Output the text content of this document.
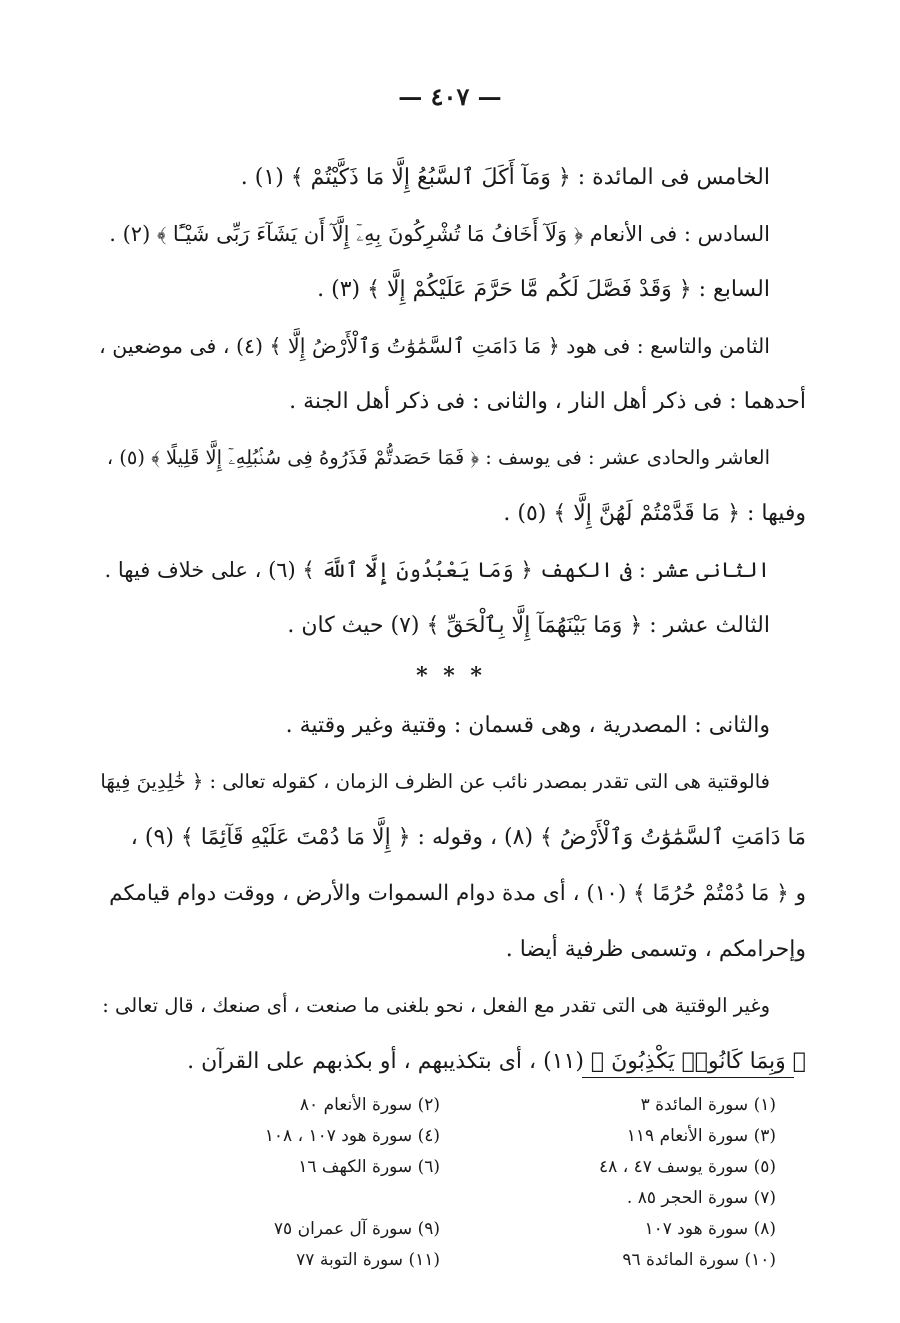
— ٤٠٧ —
الخامس فى المائدة : ﴿ وَمَآ أَكَلَ ٱلسَّبُعُ إِلَّا مَا ذَكَّيْتُمْ ﴾ (١) .
السادس : فى الأنعام ﴿ وَلَآ أَخَافُ مَا تُشْرِكُونَ بِهِۦٓ إِلَّآ أَن يَشَآءَ رَبِّى شَيْـًٔا ﴾ (٢) .
السابع : ﴿ وَقَدْ فَصَّلَ لَكُم مَّا حَرَّمَ عَلَيْكُمْ إِلَّا ﴾ (٣) .
الثامن والتاسع : فى هود ﴿ مَا دَامَتِ ٱلسَّمَٰوَٰتُ وَٱلْأَرْضُ إِلَّا ﴾ (٤) ، فى موضعين ،
أحدهما : فى ذكر أهل النار ، والثانى : فى ذكر أهل الجنة .
العاشر والحادى عشر : فى يوسف : ﴿ فَمَا حَصَدتُّمْ فَذَرُوهُ فِى سُنۢبُلِهِۦٓ إِلَّا قَلِيلًا ﴾ (٥) ،
وفيها : ﴿ مَا قَدَّمْتُمْ لَهُنَّ إِلَّا ﴾ (٥) .
الثانى عشر : فى الكهف ﴿ وَمَا يَعْبُدُونَ إِلَّا ٱللَّهَ ﴾ (٦) ، على خلاف فيها .
الثالث عشر : ﴿ وَمَا بَيْنَهُمَآ إِلَّا بِٱلْحَقِّ ﴾ (٧) حيث كان .
* * *
والثانى : المصدرية ، وهى قسمان : وقتية وغير وقتية .
فالوقتية هى التى تقدر بمصدر نائب عن الظرف الزمان ، كقوله تعالى : ﴿ خَٰلِدِينَ فِيهَا
مَا دَامَتِ ٱلسَّمَٰوَٰتُ وَٱلْأَرْضُ ﴾ (٨) ، وقوله : ﴿ إِلَّا مَا دُمْتَ عَلَيْهِ قَآئِمًا ﴾ (٩) ،
و ﴿ مَا دُمْتُمْ حُرُمًا ﴾ (١٠) ، أى مدة دوام السموات والأرض ، ووقت دوام قيامكم
وإحرامكم ، وتسمى ظرفية أيضا .
وغير الوقتية هى التى تقدر مع الفعل ، نحو بلغنى ما صنعت ، أى صنعك ، قال تعالى :
﴿ وَبِمَا كَانُوا۟ يَكْذِبُونَ ﴾ (١١) ، أى بتكذيبهم ، أو بكذبهم على القرآن .
(١) سورة المائدة ٣
(٢) سورة الأنعام ٨٠
(٣) سورة الأنعام ١١٩
(٤) سورة هود ١٠٧ ، ١٠٨
(٥) سورة يوسف ٤٧ ، ٤٨
(٦) سورة الكهف ١٦
(٧) سورة الحجر ٨٥ .
(٨) سورة هود ١٠٧
(٩) سورة آل عمران ٧٥
(١٠) سورة المائدة ٩٦
(١١) سورة التوبة ٧٧
